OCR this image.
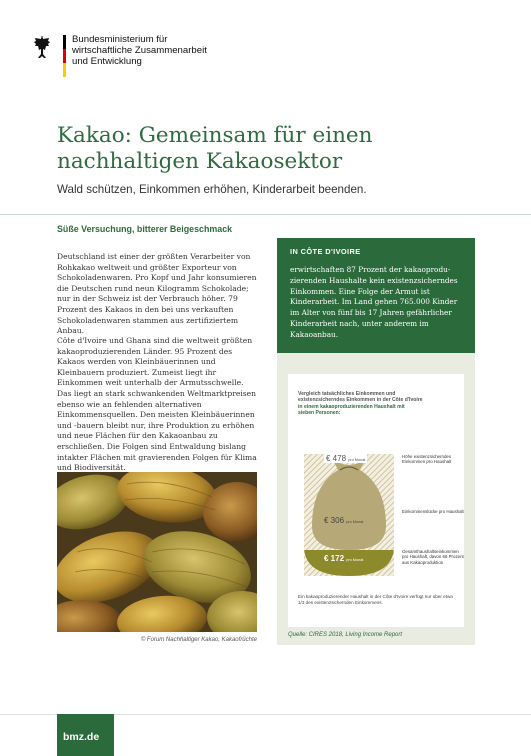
Bundesministerium für
wirtschaftliche Zusammenarbeit
und Entwicklung
Kakao: Gemeinsam für einen
nachhaltigen Kakaosektor
Wald schützen, Einkommen erhöhen, Kinderarbeit beenden.
Süße Versuchung, bitterer Beigeschmack

Deutschland ist einer der größten Verarbeiter von Rohkakao weltweit und größter Exporteur von Schokoladenwaren. Pro Kopf und Jahr konsumieren die Deutschen rund neun Kilogramm Schokolade; nur in der Schweiz ist der Verbrauch höher. 79 Prozent des Kakaos in den bei uns verkauften Schokoladenwaren stammen aus zertifiziertem Anbau.

Côte d'Ivoire und Ghana sind die weltweit größten kakaoproduzierenden Länder. 95 Prozent des Kakaos werden von Kleinbäuerinnen und Kleinbauern produziert. Zumeist liegt ihr Einkommen weit unterhalb der Armutsschwelle. Das liegt an stark schwankenden Weltmarktpreisen ebenso wie an fehlenden alternativen Einkommensquellen. Den meisten Kleinbäuerinnen und -bauern bleibt nur, ihre Produktion zu erhöhen und neue Flächen für den Kakaoanbau zu erschließen. Die Folgen sind Entwaldung bislang intakter Flächen mit gravierenden Folgen für Klima und Biodiversität.

© Forum Nachhaltiger Kakao, Kakaofrüchte
IN CÔTE D'IVOIRE
erwirtschaften 87 Prozent der kakaoproduzierenden Haushalte kein existenzsicherndes Einkommen. Eine Folge der Armut ist Kinderarbeit. Im Land gehen 765.000 Kinder im Alter von fünf bis 17 Jahren gefährlicher Kinderarbeit nach, unter anderem im Kakaoanbau.
Vergleich tatsächliches Einkommen und
existenzsicherndes Einkommen in der Côte d'Ivoire
in einem kakaoproduzierenden Haushalt mit
sieben Personen:
€ 478 pro Monat
€ 306 pro Monat
€ 172 pro Monat
Höhe existenzsicherndes Einkommen pro Haushalt
Einkommenslücke pro Haushalt
Gesamthaushaltseinkommen pro Haushalt, davon 66 Prozent aus Kakaoproduktion
Ein kakaoproduzierender Haushalt in der Côte d'Ivoire verfügt nur über etwa 1/3 des existenzsichernden Einkommens.
Quelle: CIRES 2018, Living Income Report
bmz.de
